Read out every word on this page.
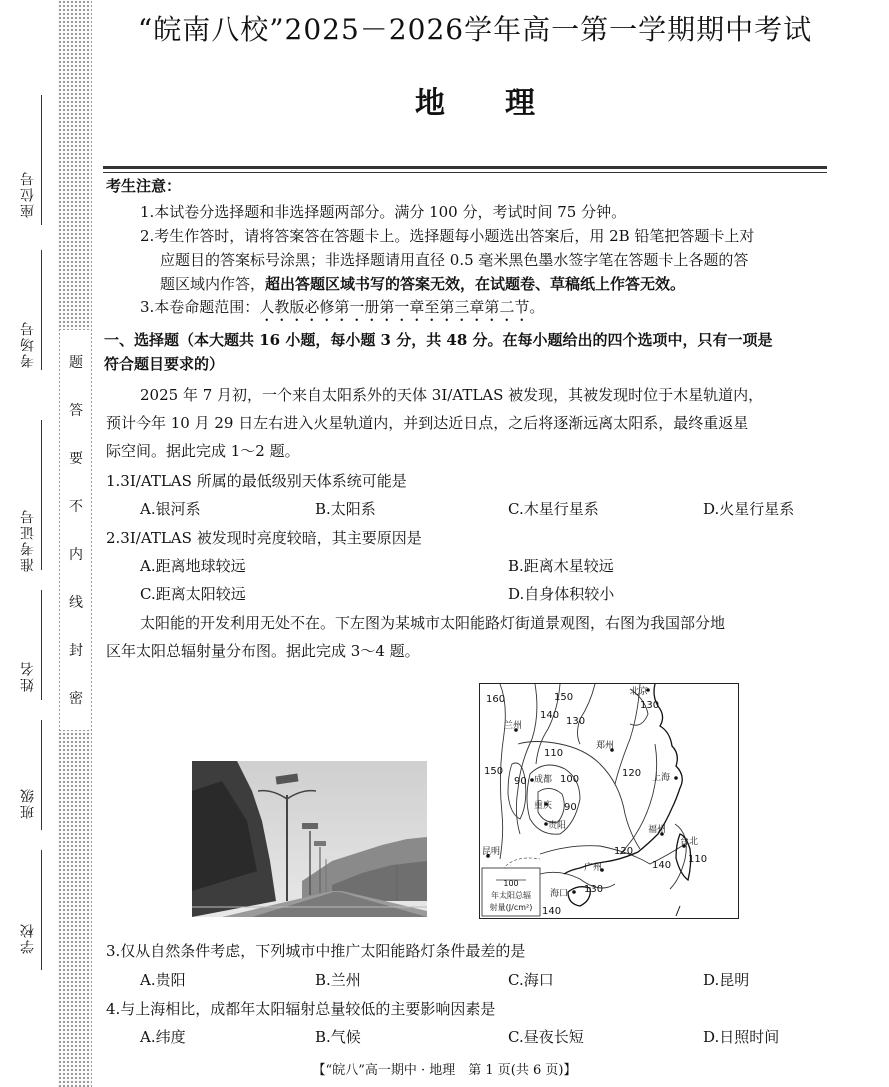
题
答
要
不
内
线
封
密
座位号
考场号
准考证号
姓名
班级
学校
“皖南八校”2025－2026学年高一第一学期期中考试
地理
考生注意：
1.本试卷分选择题和非选择题两部分。满分 100 分，考试时间 75 分钟。
2.考生作答时，请将答案答在答题卡上。选择题每小题选出答案后，用 2B 铅笔把答题卡上对
应题目的答案标号涂黑；非选择题请用直径 0.5 毫米黑色墨水签字笔在答题卡上各题的答
题区域内作答，超出答题区域书写的答案无效，在试题卷、草稿纸上作答无效。
3.本卷命题范围：人教版必修第一册第一章至第三章第二节。
一、选择题（本大题共 16 小题，每小题 3 分，共 48 分。在每小题给出的四个选项中，只有一项是
符合题目要求的）
2025 年 7 月初，一个来自太阳系外的天体 3I/ATLAS 被发现，其被发现时位于木星轨道内，
预计今年 10 月 29 日左右进入火星轨道内，并到达近日点，之后将逐渐远离太阳系，最终重返星
际空间。据此完成 1～2 题。
1.3I/ATLAS 所属的最低级别天体系统可能是
A.银河系	B.太阳系	C.木星行星系	D.火星行星系
2.3I/ATLAS 被发现时亮度较暗，其主要原因是
A.距离地球较远	B.距离木星较远
C.距离太阳较远	D.自身体积较小
太阳能的开发利用无处不在。下左图为某城市太阳能路灯街道景观图，右图为我国部分地
区年太阳总辐射量分布图。据此完成 3～4 题。
160	150
140
130
130
110
100
90
90
120
150
120
140
110
130
140
北京
兰州
郑州
上海
成都
重庆
贵阳	福州
台北
昆明
广州
海口
100
年太阳总辐
射量(J/cm²)
3.仅从自然条件考虑，下列城市中推广太阳能路灯条件最差的是
A.贵阳	B.兰州	C.海口	D.昆明
4.与上海相比，成都年太阳辐射总量较低的主要影响因素是
A.纬度	B.气候	C.昼夜长短	D.日照时间
【“皖八”高一期中 · 地理　第 1 页(共 6 页)】
